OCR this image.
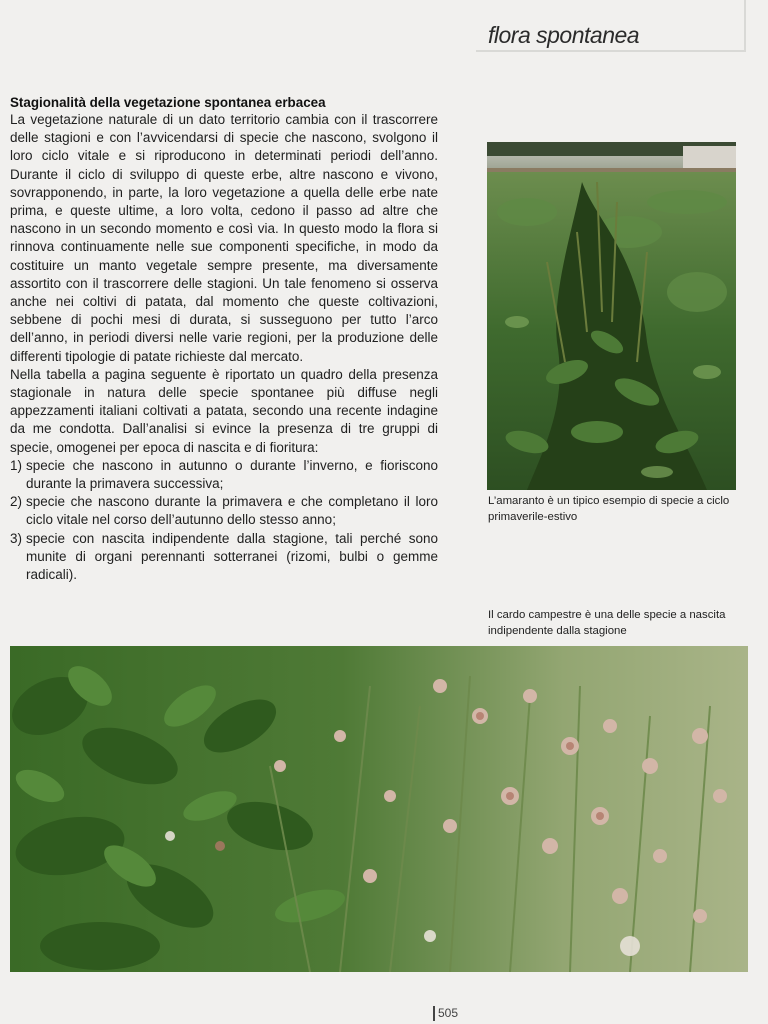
flora spontanea
Stagionalità della vegetazione spontanea erbacea

La vegetazione naturale di un dato territorio cambia con il trascorrere delle stagioni e con l’avvicendarsi di specie che nascono, svolgono il loro ciclo vitale e si riproducono in determinati periodi dell’anno. Durante il ciclo di sviluppo di queste erbe, altre nascono e vivono, sovrapponendo, in parte, la loro vegetazione a quella delle erbe nate prima, e queste ultime, a loro volta, cedono il passo ad altre che nascono in un secondo momento e così via. In questo modo la flora si rinnova continuamente nelle sue componenti specifiche, in modo da costituire un manto vegetale sempre presente, ma diversamente assortito con il trascorrere delle stagioni. Un tale fenomeno si osserva anche nei coltivi di patata, dal momento che queste coltivazioni, sebbene di pochi mesi di durata, si susseguono per tutto l’arco dell’anno, in periodi diversi nelle varie regioni, per la produzione delle differenti tipologie di patate richieste dal mercato.

Nella tabella a pagina seguente è riportato un quadro della presenza stagionale in natura delle specie spontanee più diffuse negli appezzamenti italiani coltivati a patata, secondo una recente indagine da me condotta. Dall’analisi si evince la presenza di tre gruppi di specie, omogenei per epoca di nascita e di fioritura:

1) specie che nascono in autunno o durante l’inverno, e fioriscono durante la primavera successiva;
2) specie che nascono durante la primavera e che completano il loro ciclo vitale nel corso dell’autunno dello stesso anno;
3) specie con nascita indipendente dalla stagione, tali perché sono munite di organi perennanti sotterranei (rizomi, bulbi o gemme radicali).
L’amaranto è un tipico esempio di specie a ciclo primaverile-estivo
Il cardo campestre è una delle specie a nascita indipendente dalla stagione
505
